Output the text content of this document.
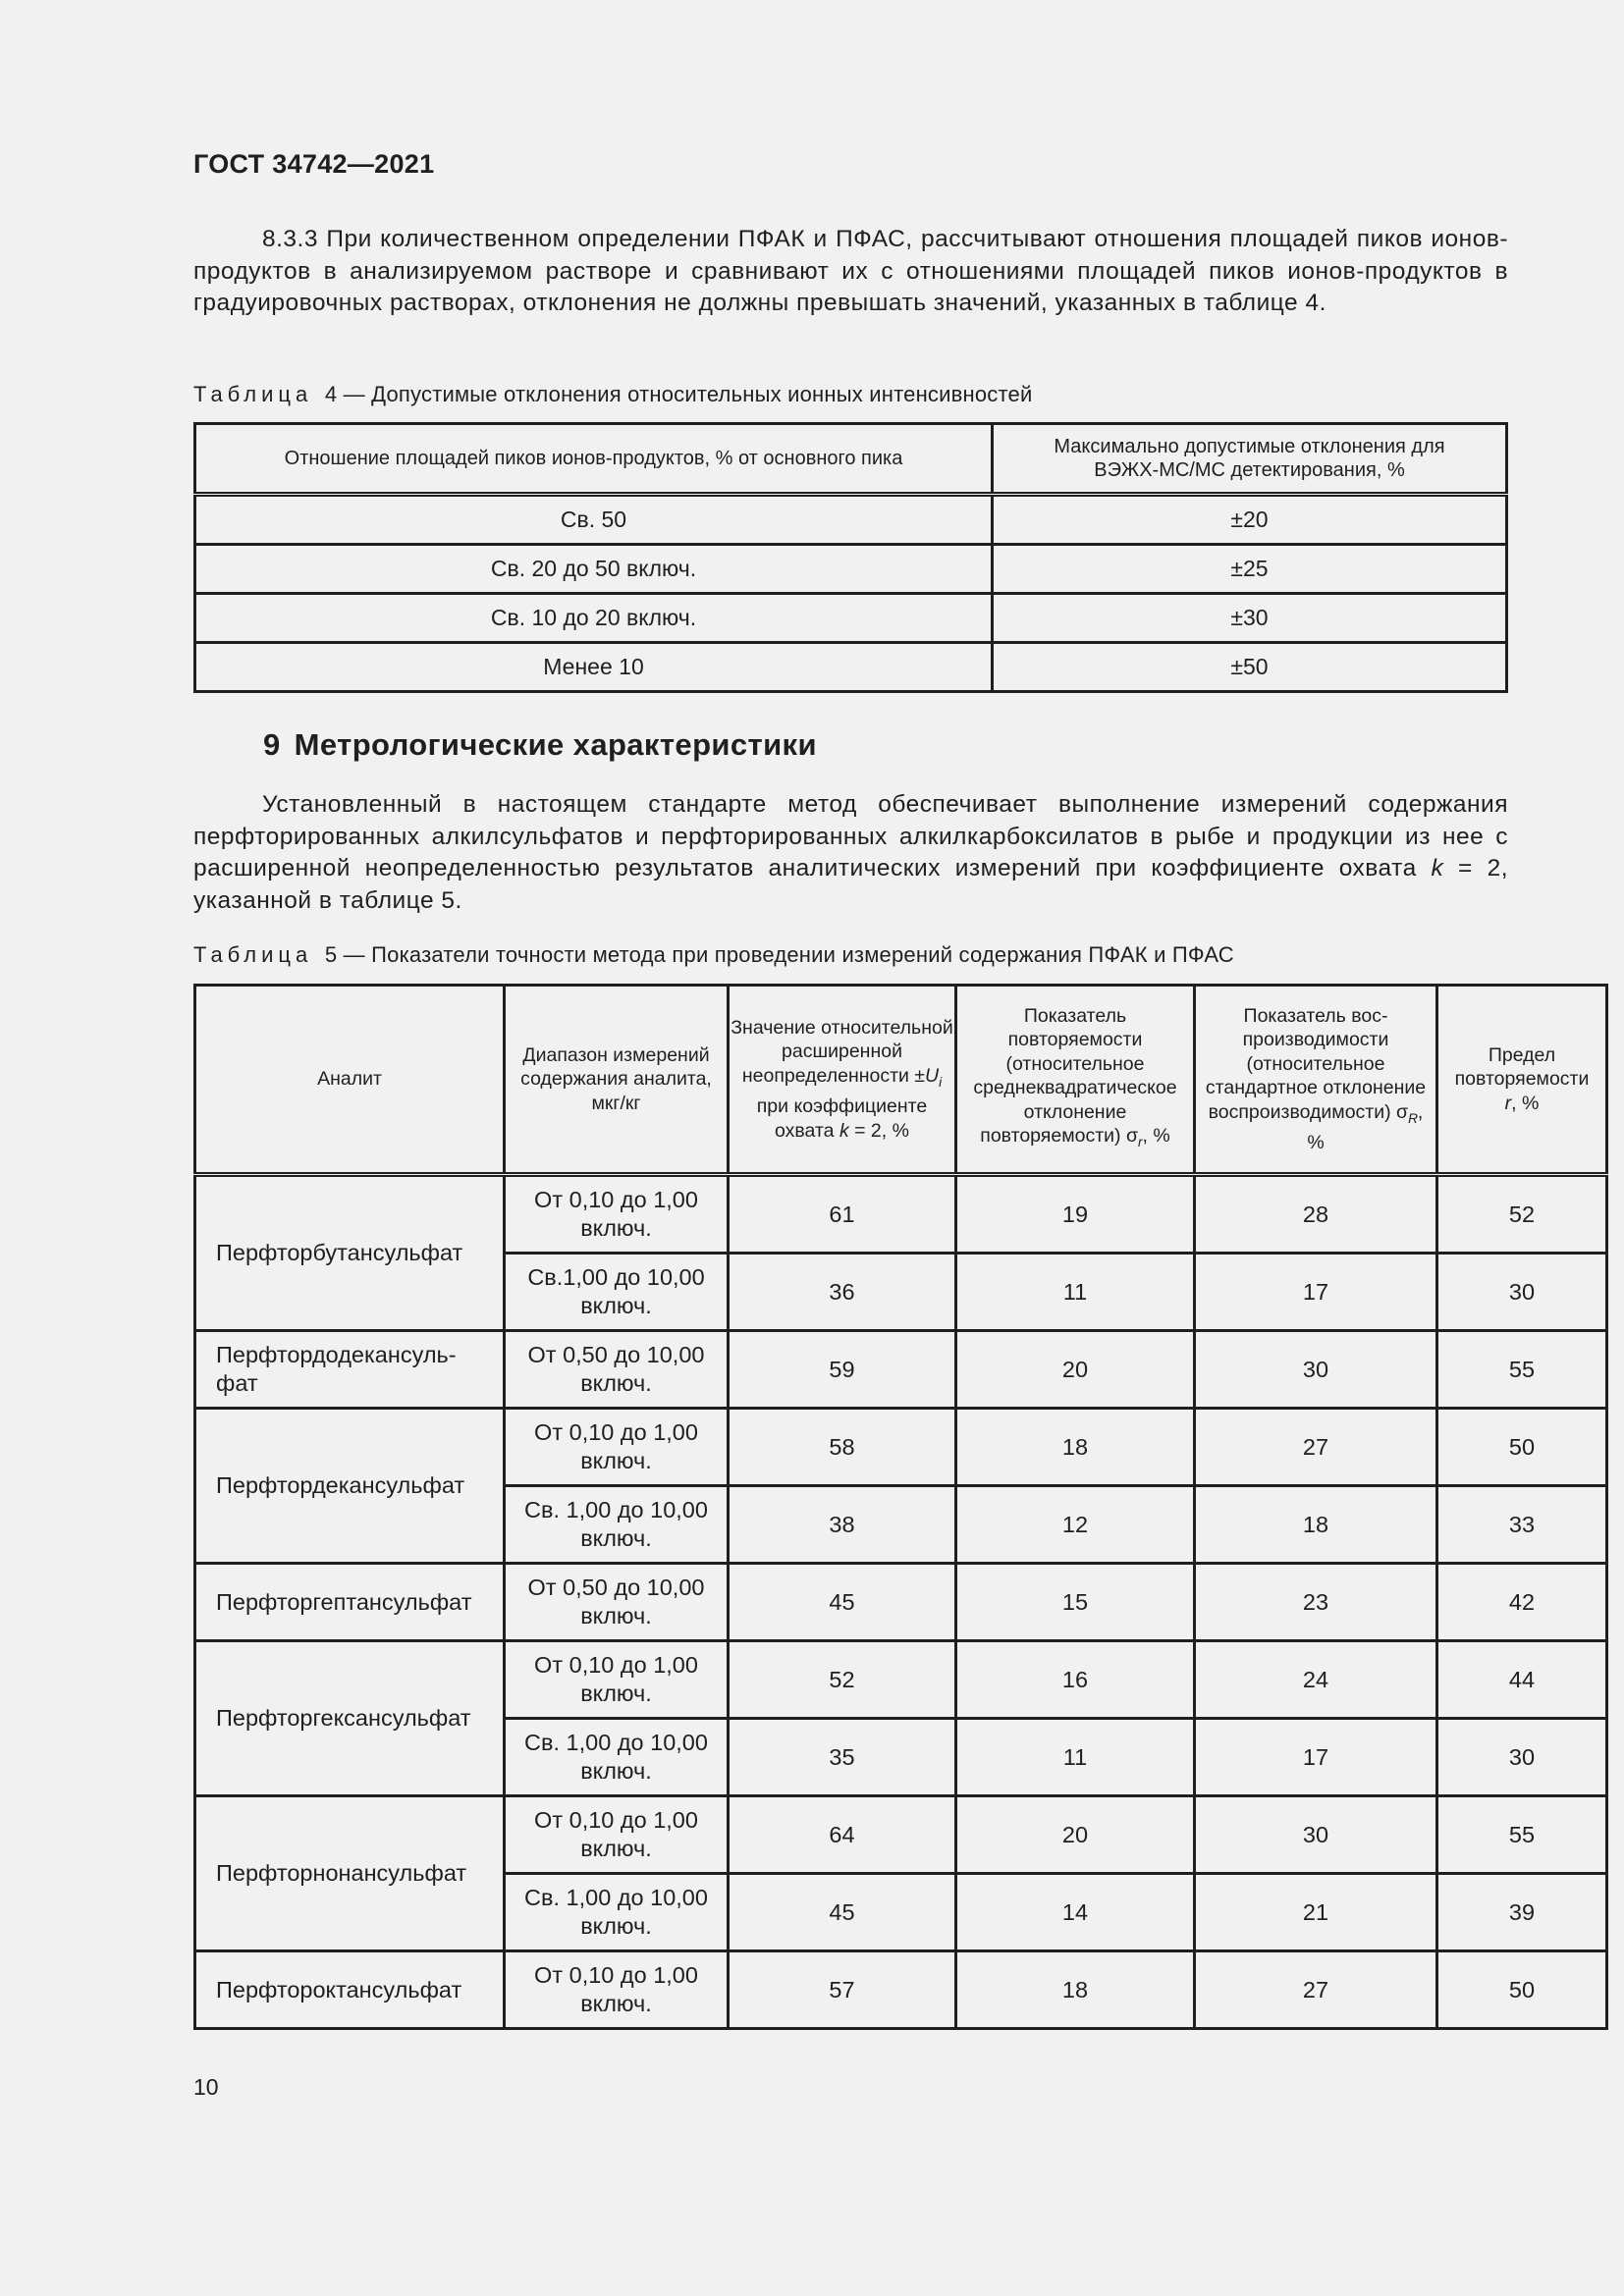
ГОСТ 34742—2021

8.3.3 При количественном определении ПФАК и ПФАС, рассчитывают отношения площадей пиков ионов-продуктов в анализируемом растворе и сравнивают их с отношениями площадей пиков ионов-продуктов в градуировочных растворах, отклонения не должны превышать значений, указанных в таблице 4.

Таблица 4 — Допустимые отклонения относительных ионных интенсивностей
Отношение площадей пиков ионов-продуктов, % от основного пика	Максимально допустимые отклонения для ВЭЖХ-МС/МС детектирования, %
Св. 50	±20
Св. 20 до 50 включ.	±25
Св. 10 до 20 включ.	±30
Менее 10	±50
9 Метрологические характеристики

Установленный в настоящем стандарте метод обеспечивает выполнение измерений содержания перфторированных алкилсульфатов и перфторированных алкилкарбоксилатов в рыбе и продукции из нее с расширенной неопределенностью результатов аналитических измерений при коэффициенте охвата k = 2, указанной в таблице 5.

Таблица 5 — Показатели точности метода при проведении измерений содержания ПФАК и ПФАС
Аналит	Диапазон измерений содержания аналита, мкг/кг	Значение относительной расширенной неопределенности $\pm U_i$ при коэффициенте охвата k = 2, %	Показатель повторяемости (относительное среднеквадратическое отклонение повторяемости) $\sigma_r$, %	Показатель воспроизводимости (относительное стандартное отклонение воспроизводимости) $\sigma_R$, %	Предел повторяемости r, %
Перфторбутансульфат	От 0,10 до 1,00 включ.	61	19	28	52
	Св.1,00 до 10,00 включ.	36	11	17	30
Перфтордодекансуль-фат	От 0,50 до 10,00 включ.	59	20	30	55
Перфтордекансульфат	От 0,10 до 1,00 включ.	58	18	27	50
	Св. 1,00 до 10,00 включ.	38	12	18	33
Перфторгептансульфат	От 0,50 до 10,00 включ.	45	15	23	42
Перфторгексансульфат	От 0,10 до 1,00 включ.	52	16	24	44
	Св. 1,00 до 10,00 включ.	35	11	17	30
Перфторнонансульфат	От 0,10 до 1,00 включ.	64	20	30	55
	Св. 1,00 до 10,00 включ.	45	14	21	39
Перфтороктансульфат	От 0,10 до 1,00 включ.	57	18	27	50
10
